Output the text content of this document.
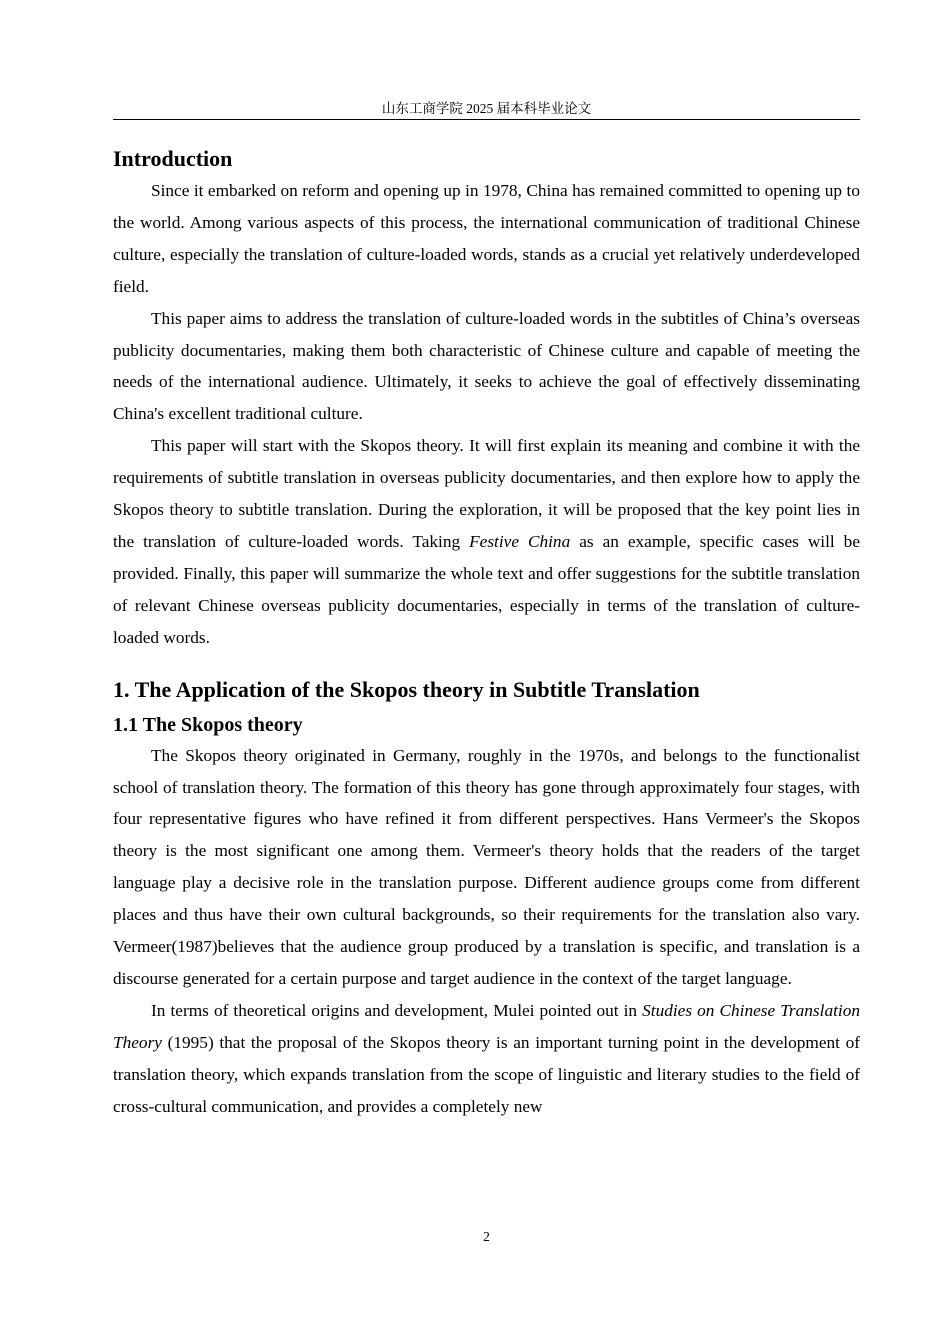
山东工商学院 2025 届本科毕业论文
Introduction

Since it embarked on reform and opening up in 1978, China has remained committed to opening up to the world. Among various aspects of this process, the international communication of traditional Chinese culture, especially the translation of culture-loaded words, stands as a crucial yet relatively underdeveloped field.

This paper aims to address the translation of culture-loaded words in the subtitles of China’s overseas publicity documentaries, making them both characteristic of Chinese culture and capable of meeting the needs of the international audience. Ultimately, it seeks to achieve the goal of effectively disseminating China's excellent traditional culture.

This paper will start with the Skopos theory. It will first explain its meaning and combine it with the requirements of subtitle translation in overseas publicity documentaries, and then explore how to apply the Skopos theory to subtitle translation. During the exploration, it will be proposed that the key point lies in the translation of culture-loaded words. Taking Festive China as an example, specific cases will be provided. Finally, this paper will summarize the whole text and offer suggestions for the subtitle translation of relevant Chinese overseas publicity documentaries, especially in terms of the translation of culture-loaded words.

1. The Application of the Skopos theory in Subtitle Translation
1.1 The Skopos theory

The Skopos theory originated in Germany, roughly in the 1970s, and belongs to the functionalist school of translation theory. The formation of this theory has gone through approximately four stages, with four representative figures who have refined it from different perspectives. Hans Vermeer's the Skopos theory is the most significant one among them. Vermeer's theory holds that the readers of the target language play a decisive role in the translation purpose. Different audience groups come from different places and thus have their own cultural backgrounds, so their requirements for the translation also vary. Vermeer(1987)believes that the audience group produced by a translation is specific, and translation is a discourse generated for a certain purpose and target audience in the context of the target language.

In terms of theoretical origins and development, Mulei pointed out in Studies on Chinese Translation Theory (1995) that the proposal of the Skopos theory is an important turning point in the development of translation theory, which expands translation from the scope of linguistic and literary studies to the field of cross-cultural communication, and provides a completely new

2
